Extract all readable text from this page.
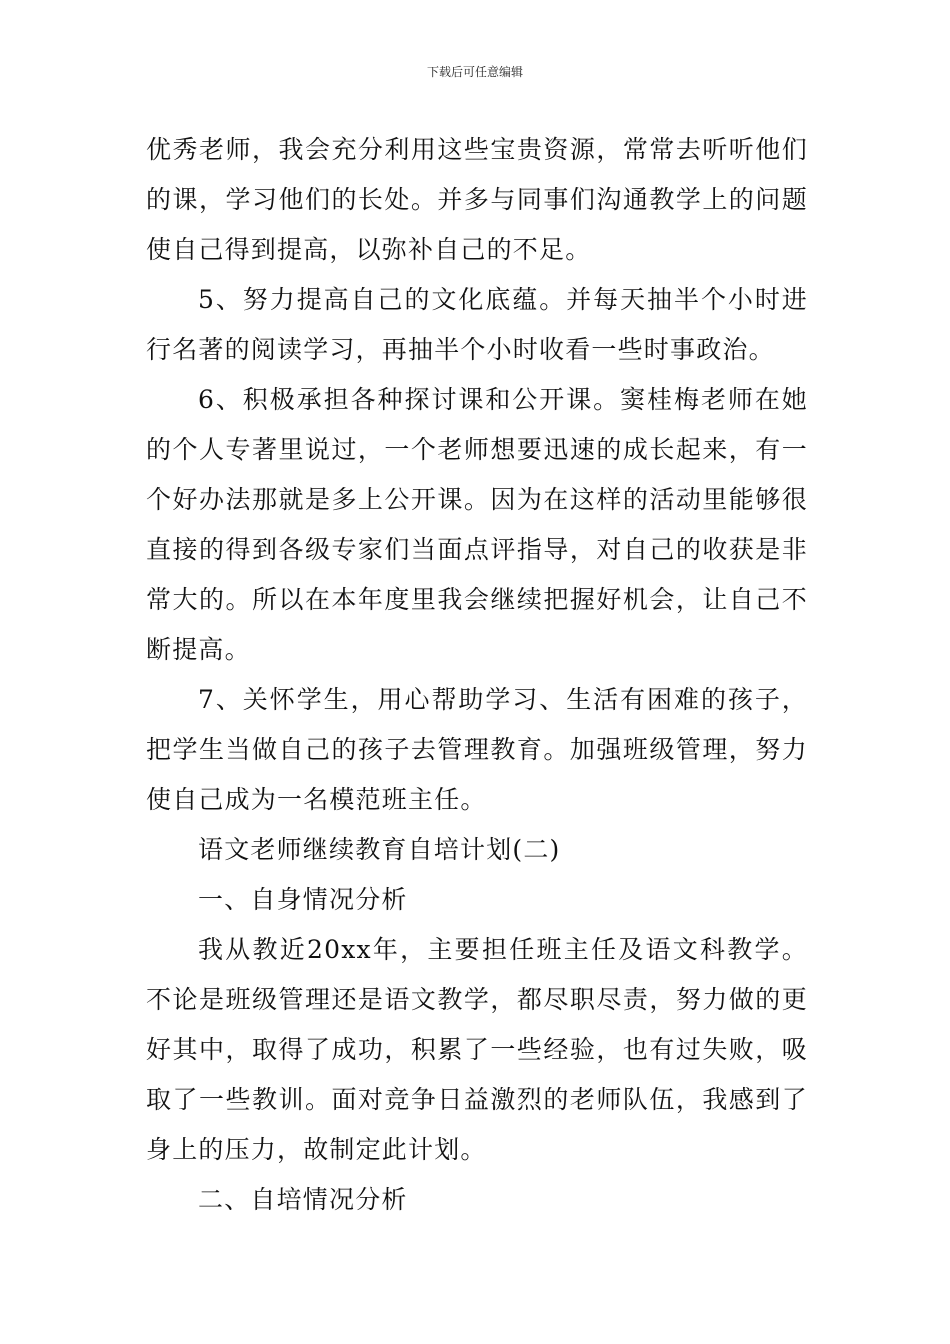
下载后可任意编辑

优秀老师，我会充分利用这些宝贵资源，常常去听听他们的课，学习他们的长处。并多与同事们沟通教学上的问题使自己得到提高，以弥补自己的不足。

5、努力提高自己的文化底蕴。并每天抽半个小时进行名著的阅读学习，再抽半个小时收看一些时事政治。

6、积极承担各种探讨课和公开课。窦桂梅老师在她的个人专著里说过，一个老师想要迅速的成长起来，有一个好办法那就是多上公开课。因为在这样的活动里能够很直接的得到各级专家们当面点评指导，对自己的收获是非常大的。所以在本年度里我会继续把握好机会，让自己不断提高。

7、关怀学生，用心帮助学习、生活有困难的孩子，把学生当做自己的孩子去管理教育。加强班级管理，努力使自己成为一名模范班主任。

语文老师继续教育自培计划(二)

一、自身情况分析

我从教近20xx年，主要担任班主任及语文科教学。不论是班级管理还是语文教学，都尽职尽责，努力做的更好其中，取得了成功，积累了一些经验，也有过失败，吸取了一些教训。面对竞争日益激烈的老师队伍，我感到了身上的压力，故制定此计划。

二、自培情况分析
